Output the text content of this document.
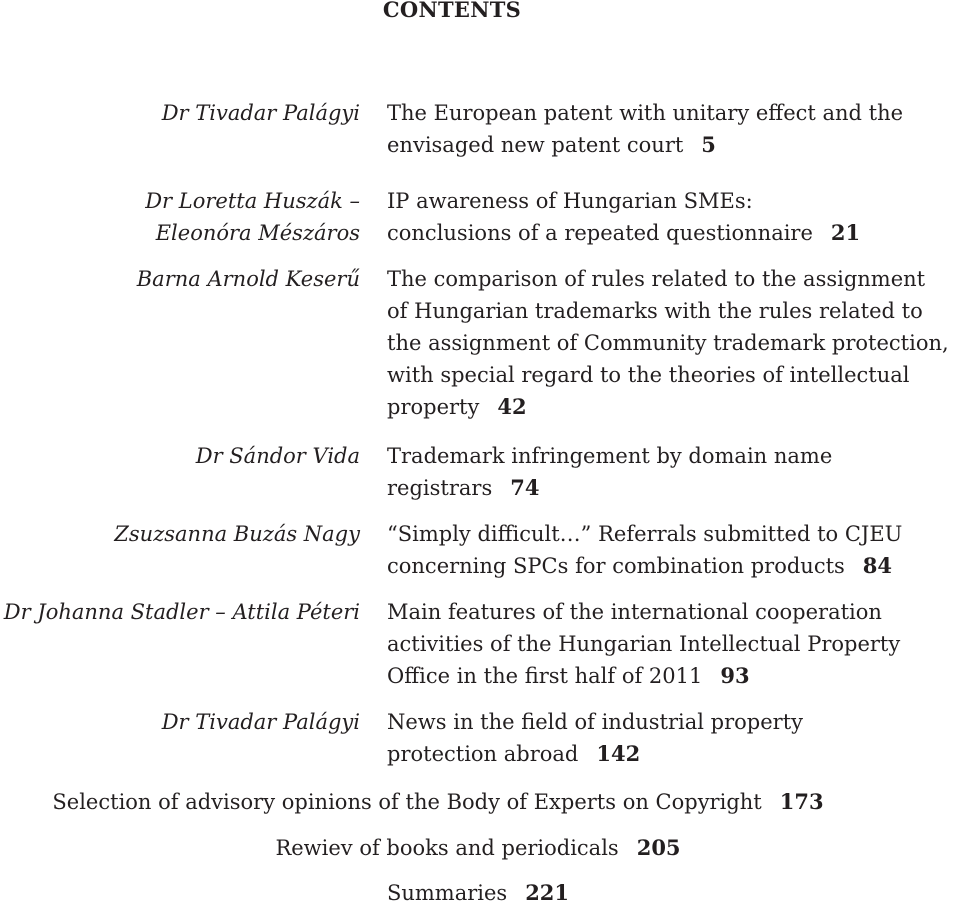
CONTENTS
Dr Tivadar Palágyi The European patent with unitary effect and the
envisaged new patent court 5
Dr Loretta Huszák –
Eleonóra Mészáros
IP awareness of Hungarian SMEs:
conclusions of a repeated questionnaire 21
Barna Arnold Keserű The comparison of rules related to the assignment
of Hungarian trademarks with the rules related to
the assignment of Community trademark protection,
with special regard to the theories of intellectual
property 42
Dr Sándor Vida Trademark infringement by domain name
registrars 74
Zsuzsanna Buzás Nagy “Simply difficult…” Referrals submitted to CJEU
concerning SPCs for combination products 84
Dr Johanna Stadler – Attila Péteri Main features of the international cooperation
activities of the Hungarian Intellectual Property
Office in the first half of 2011 93
Dr Tivadar Palágyi News in the field of industrial property
protection abroad 142
Selection of advisory opinions of the Body of Experts on Copyright 173
Rewiev of books and periodicals 205
Summaries 221
